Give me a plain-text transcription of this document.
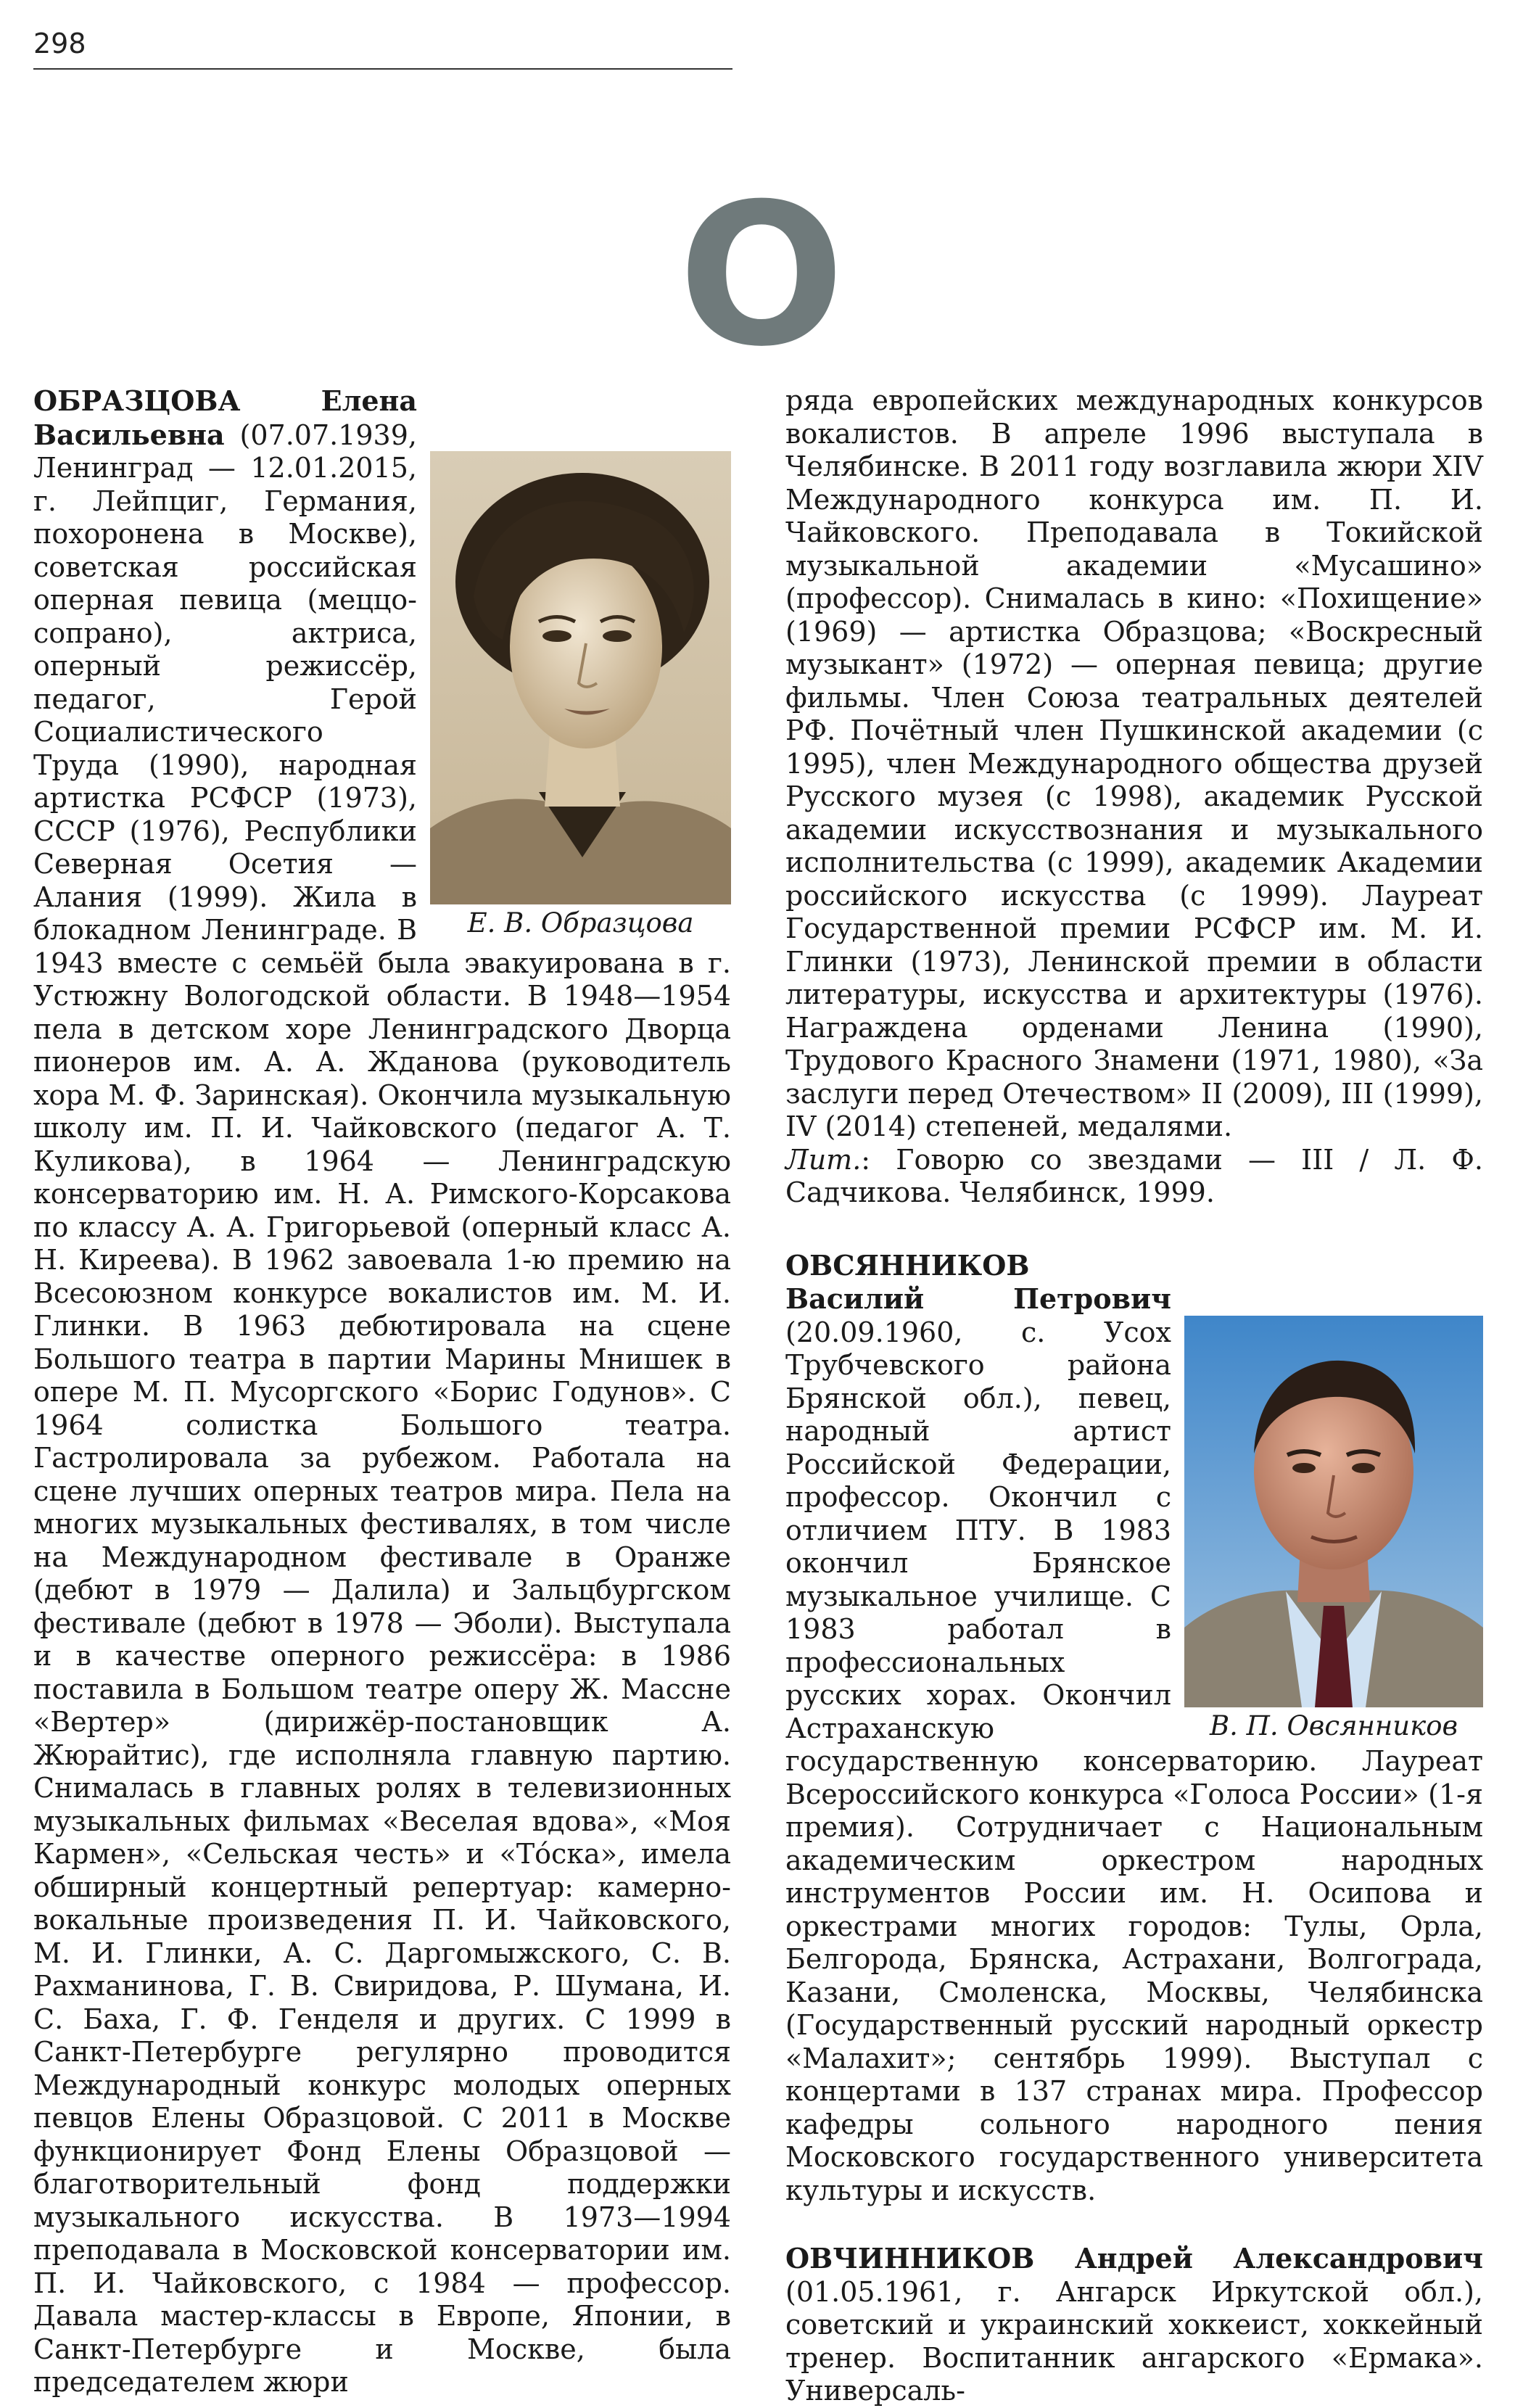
298
О
Е. В. Образцова

ОБРАЗЦОВА Елена Васильевна (07.07.1939, Ленинград — 12.01.2015, г. Лейпциг, Германия, похоронена в Москве), советская российская оперная певица (меццо-сопрано), актриса, оперный режиссёр, педагог, Герой Социалистического Труда (1990), народная артистка РСФСР (1973), СССР (1976), Республики Северная Осетия — Алания (1999). Жила в блокадном Ленинграде. В 1943 вместе с семьёй была эвакуирована в г. Устюжну Вологодской области. В 1948—1954 пела в детском хоре Ленинградского Дворца пионеров им. А. А. Жданова (руководитель хора М. Ф. Заринская). Окончила музыкальную школу им. П. И. Чайковского (педагог А. Т. Куликова), в 1964 — Ленинградскую консерваторию им. Н. А. Римского-Корсакова по классу А. А. Григорьевой (оперный класс А. Н. Киреева). В 1962 завоевала 1-ю премию на Всесоюзном конкурсе вокалистов им. М. И. Глинки. В 1963 дебютировала на сцене Большого театра в партии Марины Мнишек в опере М. П. Мусоргского «Борис Годунов». С 1964 солистка Большого театра. Гастролировала за рубежом. Работала на сцене лучших оперных театров мира. Пела на многих музыкальных фестивалях, в том числе на Международном фестивале в Оранже (дебют в 1979 — Далила) и Зальцбургском фестивале (дебют в 1978 — Эболи). Выступала и в качестве оперного режиссёра: в 1986 поставила в Большом театре оперу Ж. Массне «Вертер» (дирижёр-постановщик А. Жюрайтис), где исполняла главную партию. Снималась в главных ролях в телевизионных музыкальных фильмах «Веселая вдова», «Моя Кармен», «Сельская честь» и «Тóска», имела обширный концертный репертуар: камерно-вокальные произведения П. И. Чайковского, М. И. Глинки, А. С. Даргомыжского, С. В. Рахманинова, Г. В. Свиридова, Р. Шумана, И. С. Баха, Г. Ф. Генделя и других. С 1999 в Санкт-Петербурге регулярно проводится Международный конкурс молодых оперных певцов Елены Образцовой. С 2011 в Москве функционирует Фонд Елены Образцовой — благотворительный фонд поддержки музыкального искусства. В 1973—1994 преподавала в Московской консерватории им. П. И. Чайковского, с 1984 — профессор. Давала мастер-классы в Европе, Японии, в Санкт-Петербурге и Москве, была председателем жюри

ряда европейских международных конкурсов вокалистов. В апреле 1996 выступала в Челябинске. В 2011 году возглавила жюри XIV Международного конкурса им. П. И. Чайковского. Преподавала в Токийской музыкальной академии «Мусашино» (профессор). Снималась в кино: «Похищение» (1969) — артистка Образцова; «Воскресный музыкант» (1972) — оперная певица; другие фильмы. Член Союза театральных деятелей РФ. Почётный член Пушкинской академии (с 1995), член Международного общества друзей Русского музея (с 1998), академик Русской академии искусствознания и музыкального исполнительства (с 1999), академик Академии российского искусства (с 1999). Лауреат Государственной премии РСФСР им. М. И. Глинки (1973), Ленинской премии в области литературы, искусства и архитектуры (1976). Награждена орденами Ленина (1990), Трудового Красного Знамени (1971, 1980), «За заслуги перед Отечеством» II (2009), III (1999), IV (2014) степеней, медалями.

Лит.: Говорю со звездами — III / Л. Ф. Садчикова. Челябинск, 1999.

В. П. Овсянников
ОВСЯННИКОВ Василий Петрович (20.09.1960, с. Усох Трубчевского района Брянской обл.), певец, народный артист Российской Федерации, профессор. Окончил с отличием ПТУ. В 1983 окончил Брянское музыкальное училище. С 1983 работал в профессиональных русских хорах. Окончил Астраханскую государственную консерваторию. Лауреат Всероссийского конкурса «Голоса России» (1-я премия). Сотрудничает с Национальным академическим оркестром народных инструментов России им. Н. Осипова и оркестрами многих городов: Тулы, Орла, Белгорода, Брянска, Астрахани, Волгограда, Казани, Смоленска, Москвы, Челябинска (Государственный русский народный оркестр «Малахит»; сентябрь 1999). Выступал с концертами в 137 странах мира. Профессор кафедры сольного народного пения Московского государственного университета культуры и искусств.

ОВЧИННИКОВ Андрей Александрович (01.05.1961, г. Ангарск Иркутской обл.), советский и украинский хоккеист, хоккейный тренер. Воспитанник ангарского «Ермака». Универсаль-
